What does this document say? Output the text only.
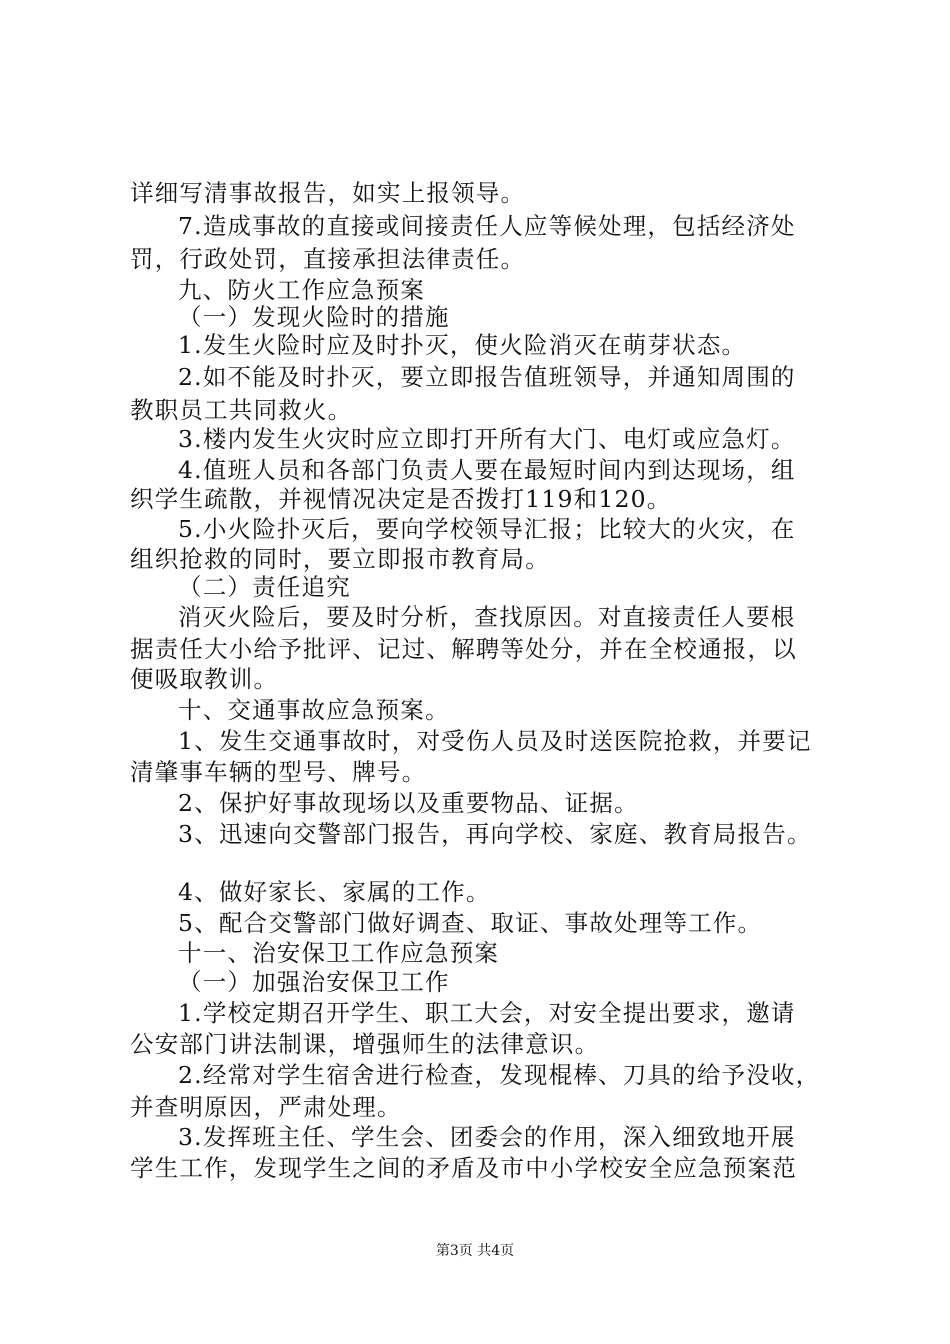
详细写清事故报告，如实上报领导。
7.造成事故的直接或间接责任人应等候处理，包括经济处
罚，行政处罚，直接承担法律责任。
九、防火工作应急预案
（一）发现火险时的措施
1.发生火险时应及时扑灭，使火险消灭在萌芽状态。
2.如不能及时扑灭，要立即报告值班领导，并通知周围的
教职员工共同救火。
3.楼内发生火灾时应立即打开所有大门、电灯或应急灯。
4.值班人员和各部门负责人要在最短时间内到达现场，组
织学生疏散，并视情况决定是否拨打119和120。
5.小火险扑灭后，要向学校领导汇报；比较大的火灾，在
组织抢救的同时，要立即报市教育局。
（二）责任追究
消灭火险后，要及时分析，查找原因。对直接责任人要根
据责任大小给予批评、记过、解聘等处分，并在全校通报，以
便吸取教训。
十、交通事故应急预案。
1、发生交通事故时，对受伤人员及时送医院抢救，并要记
清肇事车辆的型号、牌号。
2、保护好事故现场以及重要物品、证据。
3、迅速向交警部门报告，再向学校、家庭、教育局报告。
4、做好家长、家属的工作。
5、配合交警部门做好调查、取证、事故处理等工作。
十一、治安保卫工作应急预案
（一）加强治安保卫工作
1.学校定期召开学生、职工大会，对安全提出要求，邀请
公安部门讲法制课，增强师生的法律意识。
2.经常对学生宿舍进行检查，发现棍棒、刀具的给予没收，
并查明原因，严肃处理。
3.发挥班主任、学生会、团委会的作用，深入细致地开展
学生工作，发现学生之间的矛盾及市中小学校安全应急预案范
第3页 共4页
